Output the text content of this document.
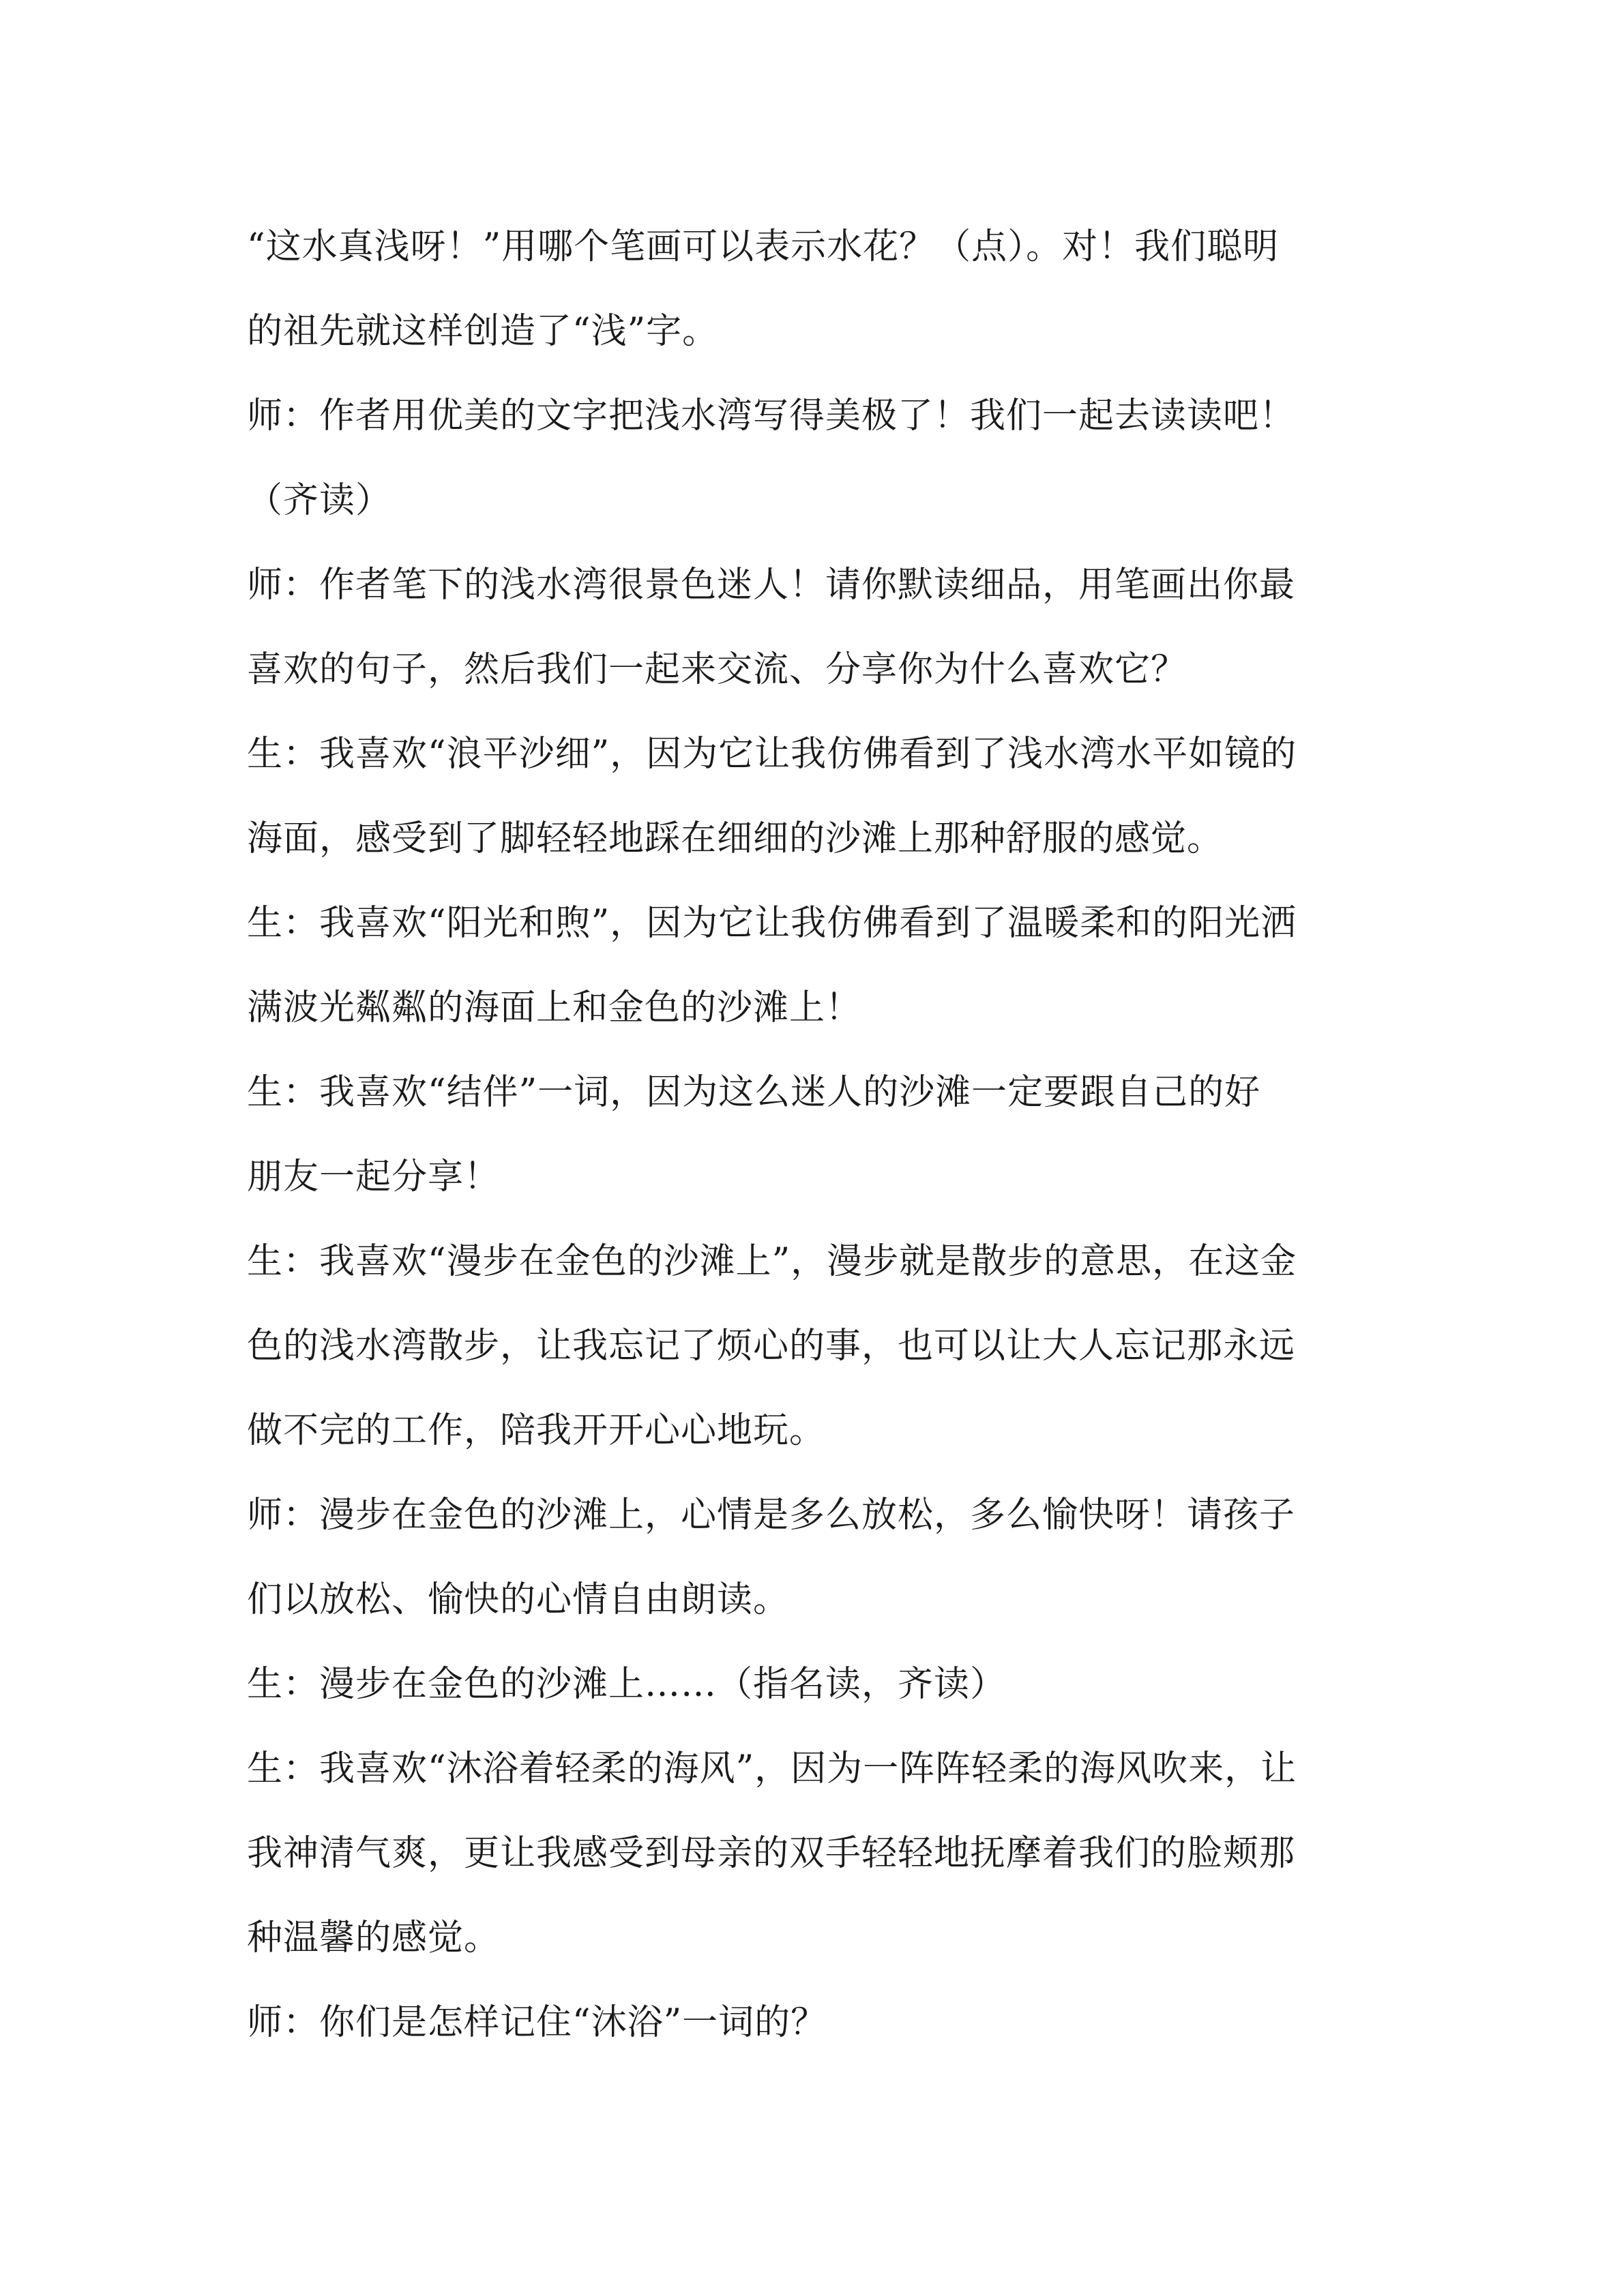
“这水真浅呀！”用哪个笔画可以表示水花？（点）。对！我们聪明
的祖先就这样创造了“浅”字。
师：作者用优美的文字把浅水湾写得美极了！我们一起去读读吧！
（齐读）
师：作者笔下的浅水湾很景色迷人！请你默读细品，用笔画出你最
喜欢的句子，然后我们一起来交流、分享你为什么喜欢它？
生：我喜欢“浪平沙细”，因为它让我仿佛看到了浅水湾水平如镜的
海面，感受到了脚轻轻地踩在细细的沙滩上那种舒服的感觉。
生：我喜欢“阳光和煦”，因为它让我仿佛看到了温暖柔和的阳光洒
满波光粼粼的海面上和金色的沙滩上！
生：我喜欢“结伴”一词，因为这么迷人的沙滩一定要跟自己的好
朋友一起分享！
生：我喜欢“漫步在金色的沙滩上”，漫步就是散步的意思，在这金
色的浅水湾散步，让我忘记了烦心的事，也可以让大人忘记那永远
做不完的工作，陪我开开心心地玩。
师：漫步在金色的沙滩上，心情是多么放松，多么愉快呀！请孩子
们以放松、愉快的心情自由朗读。
生：漫步在金色的沙滩上……（指名读，齐读）
生：我喜欢“沐浴着轻柔的海风”，因为一阵阵轻柔的海风吹来，让
我神清气爽，更让我感受到母亲的双手轻轻地抚摩着我们的脸颊那
种温馨的感觉。
师：你们是怎样记住“沐浴”一词的？
